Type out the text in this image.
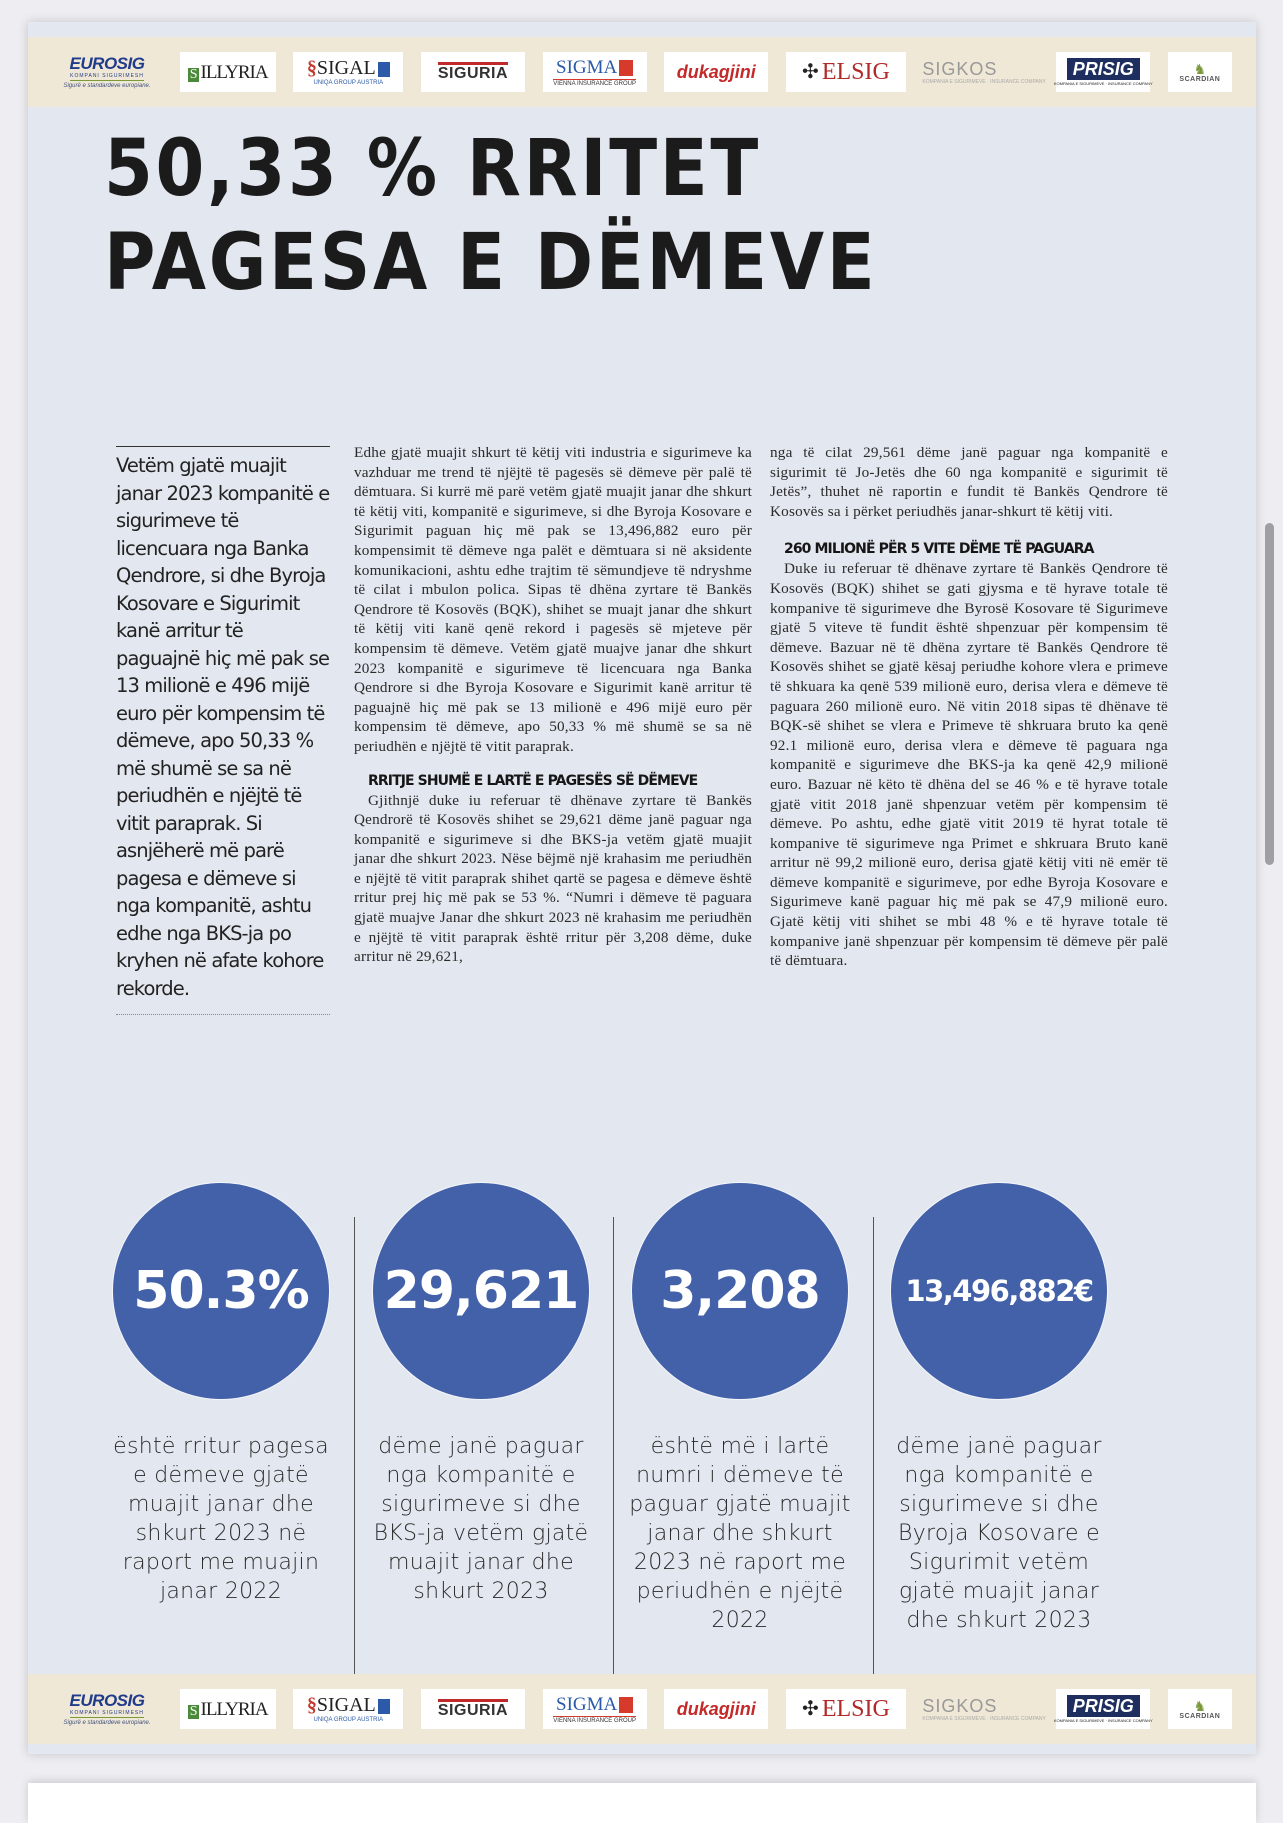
EUROSIG
KOMPANI SIGURIMESH
Sigurë e standardeve europiane.
S ILLYRIA §SIGAL
UNIQA GROUP AUSTRIA
SIGURIA	SIGMA
VIENNA INSURANCE GROUP
dukagjini ✣ ELSIG SIGKOS
KOMPANIA E SIGURIMEVE · INSURANCE COMPANY
PRISIG
KOMPANIA E SIGURIMEVE · INSURANCE COMPANY
♞
SCARDIAN
50,33 % RRITET
PAGESA E DËMEVE

Vetëm gjatë muajit janar 2023 kompanitë e sigurimeve të licencuara nga Banka Qendrore, si dhe Byroja Kosovare e Sigurimit kanë arritur të paguajnë hiç më pak se 13 milionë e 496 mijë euro për kompensim të dëmeve, apo 50,33 % më shumë se sa në periudhën e njëjtë të vitit paraprak. Si asnjëherë më parë pagesa e dëmeve si nga kompanitë, ashtu edhe nga BKS-ja po kryhen në afate kohore rekorde.

Edhe gjatë muajit shkurt të këtij viti industria e sigurimeve ka vazhduar me trend të njëjtë të pagesës së dëmeve për palë të dëmtuara. Si kurrë më parë vetëm gjatë muajit janar dhe shkurt të këtij viti, kompanitë e sigurimeve, si dhe Byroja Kosovare e Sigurimit paguan hiç më pak se 13,496,882 euro për kompensimit të dëmeve nga palët e dëmtuara si në aksidente komunikacioni, ashtu edhe trajtim të sëmundjeve të ndryshme të cilat i mbulon polica. Sipas të dhëna zyrtare të Bankës Qendrore të Kosovës (BQK), shihet se muajt janar dhe shkurt të këtij viti kanë qenë rekord i pagesës së mjeteve për kompensim të dëmeve. Vetëm gjatë muajve janar dhe shkurt 2023 kompanitë e sigurimeve të licencuara nga Banka Qendrore si dhe Byroja Kosovare e Sigurimit kanë arritur të paguajnë hiç më pak se 13 milionë e 496 mijë euro për kompensim të dëmeve, apo 50,33 % më shumë se sa në periudhën e njëjtë të vitit paraprak.

RRITJE SHUMË E LARTË E PAGESËS SË DËMEVE

Gjithnjë duke iu referuar të dhënave zyrtare të Bankës Qendrorë të Kosovës shihet se 29,621 dëme janë paguar nga kompanitë e sigurimeve si dhe BKS-ja vetëm gjatë muajit janar dhe shkurt 2023. Nëse bëjmë një krahasim me periudhën e njëjtë të vitit paraprak shihet qartë se pagesa e dëmeve është rritur prej hiç më pak se 53 %. “Numri i dëmeve të paguara gjatë muajve Janar dhe shkurt 2023 në krahasim me periudhën e njëjtë të vitit paraprak është rritur për 3,208 dëme, duke arritur në 29,621,

nga të cilat 29,561 dëme janë paguar nga kompanitë e sigurimit të Jo-Jetës dhe 60 nga kompanitë e sigurimit të Jetës”, thuhet në raportin e fundit të Bankës Qendrore të Kosovës sa i përket periudhës janar-shkurt të këtij viti.

260 MILIONË PËR 5 VITE DËME TË PAGUARA

Duke iu referuar të dhënave zyrtare të Bankës Qendrore të Kosovës (BQK) shihet se gati gjysma e të hyrave totale të kompanive të sigurimeve dhe Byrosë Kosovare të Sigurimeve gjatë 5 viteve të fundit është shpenzuar për kompensim të dëmeve. Bazuar në të dhëna zyrtare të Bankës Qendrore të Kosovës shihet se gjatë kësaj periudhe kohore vlera e primeve të shkuara ka qenë 539 milionë euro, derisa vlera e dëmeve të paguara 260 milionë euro. Në vitin 2018 sipas të dhënave të BQK-së shihet se vlera e Primeve të shkruara bruto ka qenë 92.1 milionë euro, derisa vlera e dëmeve të paguara nga kompanitë e sigurimeve dhe BKS-ja ka qenë 42,9 milionë euro. Bazuar në këto të dhëna del se 46 % e të hyrave totale gjatë vitit 2018 janë shpenzuar vetëm për kompensim të dëmeve. Po ashtu, edhe gjatë vitit 2019 të hyrat totale të kompanive të sigurimeve nga Primet e shkruara Bruto kanë arritur në 99,2 milionë euro, derisa gjatë këtij viti në emër të dëmeve kompanitë e sigurimeve, por edhe Byroja Kosovare e Sigurimeve kanë paguar hiç më pak se 47,9 milionë euro. Gjatë këtij viti shihet se mbi 48 % e të hyrave totale të kompanive janë shpenzuar për kompensim të dëmeve për palë të dëmtuara.

50.3%
është rritur pagesa e dëmeve gjatë muajit janar dhe shkurt 2023 në raport me muajin janar 2022
29,621
dëme janë paguar nga kompanitë e sigurimeve si dhe BKS-ja vetëm gjatë muajit janar dhe shkurt 2023
3,208
është më i lartë numri i dëmeve të paguar gjatë muajit janar dhe shkurt 2023 në raport me periudhën e njëjtë 2022
13,496,882€
dëme janë paguar nga kompanitë e sigurimeve si dhe Byroja Kosovare e Sigurimit vetëm gjatë muajit janar dhe shkurt 2023
EUROSIG
KOMPANI SIGURIMESH
Sigurë e standardeve europiane.
S ILLYRIA §SIGAL
UNIQA GROUP AUSTRIA
SIGURIA	SIGMA
VIENNA INSURANCE GROUP
dukagjini ✣ ELSIG SIGKOS
KOMPANIA E SIGURIMEVE · INSURANCE COMPANY
PRISIG
KOMPANIA E SIGURIMEVE · INSURANCE COMPANY
♞
SCARDIAN
